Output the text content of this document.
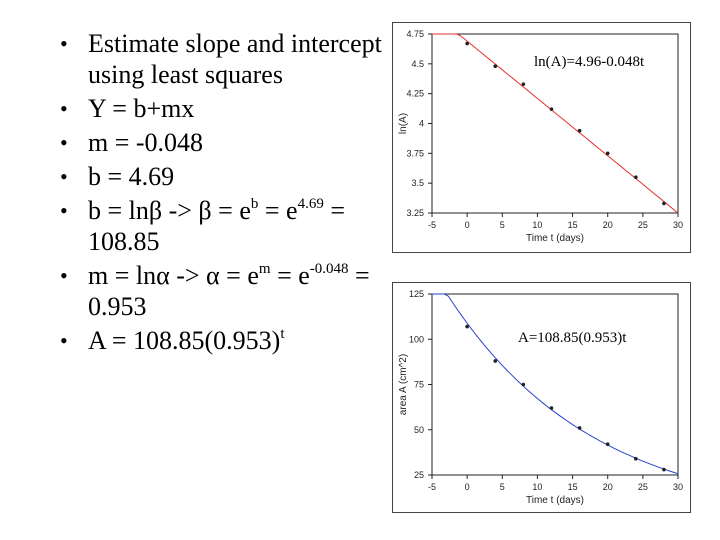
• Estimate slope and intercept using least squares
• Y = b+mx
• m = -0.048
• b = 4.69
• $b = \ln\beta -> \beta = e^b = e^{4.69} = 108.85$
• $m = \ln\alpha -> \alpha = e^m = e^{-0.048} = 0.953$
• $A = 108.85(0.953)^t$
-5	0	5	10	15	20	25	30
3.25
3.5
3.75
4
4.25
4.5
4.75
Time t (days)
ln(A)
ln(A)=4.96-0.048t
-5	0	5	10	15	20	25	30
25
50
75
100
125
Time t (days)
area A (cm^2)
A=108.85(0.953)t
